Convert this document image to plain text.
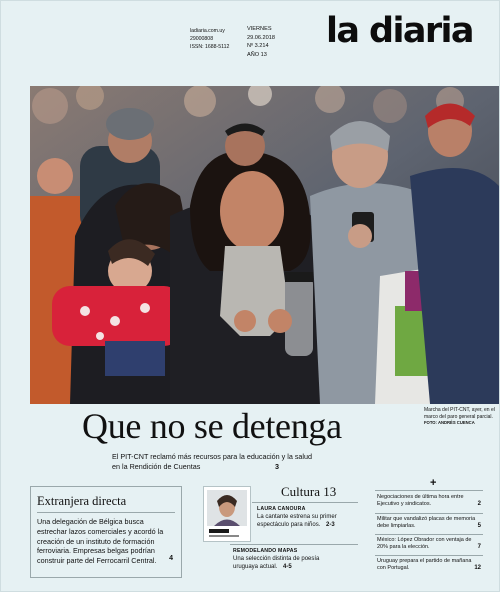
ladiaria.com.uy
29000808
ISSN: 1688-5112
VIERNES
29.06.2018
Nº 3.214
AÑO 13
la diaria
Que no se detenga	Marcha del PIT-CNT, ayer, en el marco del paro general parcial.
FOTO: ANDRÉS CUENCA
El PIT-CNT reclamó más recursos para la educación y la salud en la Rendición de Cuentas	3
Extranjera directa
Una delegación de Bélgica busca estrechar lazos comerciales y acordó la creación de un instituto de formación ferroviaria. Empresas belgas podrían construir parte del Ferrocarril Central.	4
Cultura 13
LAURA CANOURA
La cantante estrena su primer espectáculo para niños. 2-3
REMODELANDO MAPAS
Una selección distinta de poesía uruguaya actual. 4-5
+
Negociaciones de última hora entre Ejecutivo y sindicatos.	2
Militar que vandalizó placas de memoria debe limpiarlas.	5
México: López Obrador con ventaja de 20% para la elección.	7
Uruguay prepara el partido de mañana con Portugal.	12
